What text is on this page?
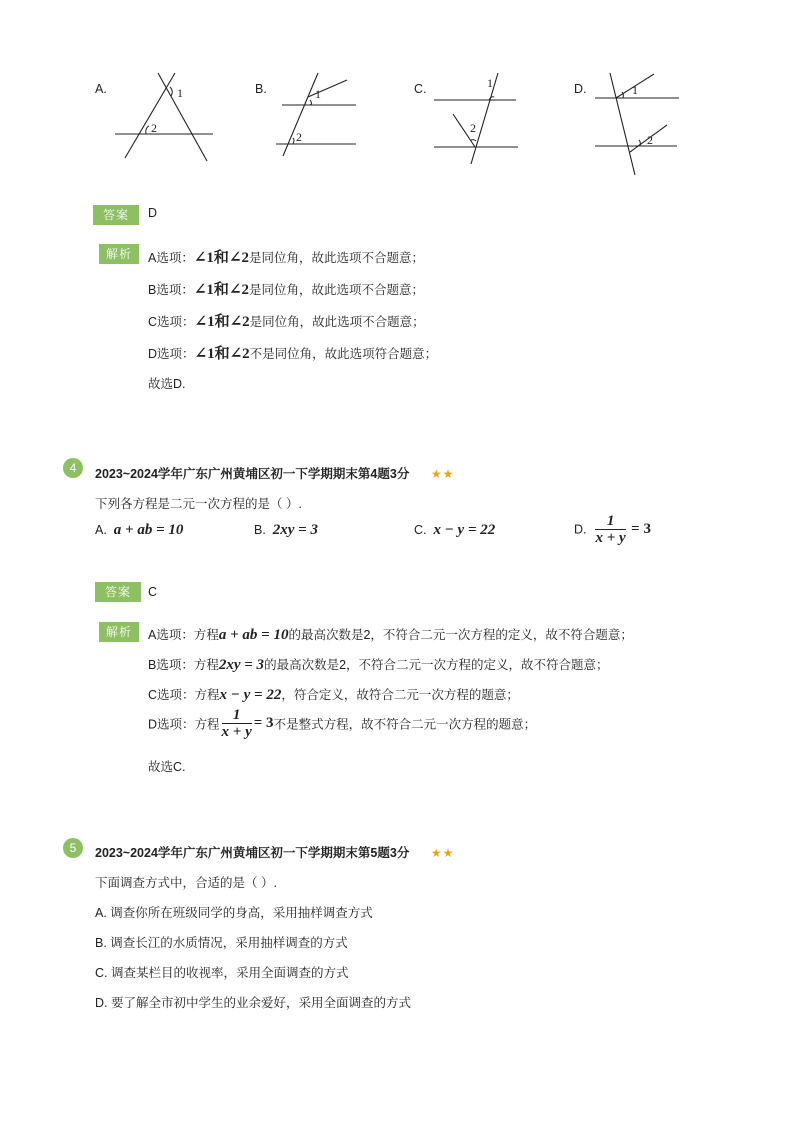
A.	1
2
B.	1
2
C.	1
2
D.	1
2
答案	D
解析	A选项：∠1和∠2是同位角，故此选项不合题意；
B选项：∠1和∠2是同位角，故此选项不合题意；
C选项：∠1和∠2是同位角，故此选项不合题意；
D选项：∠1和∠2不是同位角，故此选项符合题意；
故选D.
4	2023~2024学年广东广州黄埔区初一下学期期末第4题3分 ★★
下列各方程是二元一次方程的是（ ）.
A. a + ab = 10	B. 2xy = 3	C. x − y = 22	D. $\frac{1}{x + y} = 3$
答案	C
解析	A选项：方程a + ab = 10的最高次数是2，不符合二元一次方程的定义，故不符合题意；
B选项：方程2xy = 3的最高次数是2，不符合二元一次方程的定义，故不符合题意；
C选项：方程x − y = 22，符合定义，故符合二元一次方程的题意；
D选项：方程 $\frac{1}{x + y} = 3$不是整式方程，故不符合二元一次方程的题意；
故选C.
5	2023~2024学年广东广州黄埔区初一下学期期末第5题3分 ★★
下面调查方式中，合适的是（ ）.
A. 调查你所在班级同学的身高，采用抽样调查方式
B. 调查长江的水质情况，采用抽样调查的方式
C. 调查某栏目的收视率，采用全面调查的方式
D. 要了解全市初中学生的业余爱好，采用全面调查的方式
